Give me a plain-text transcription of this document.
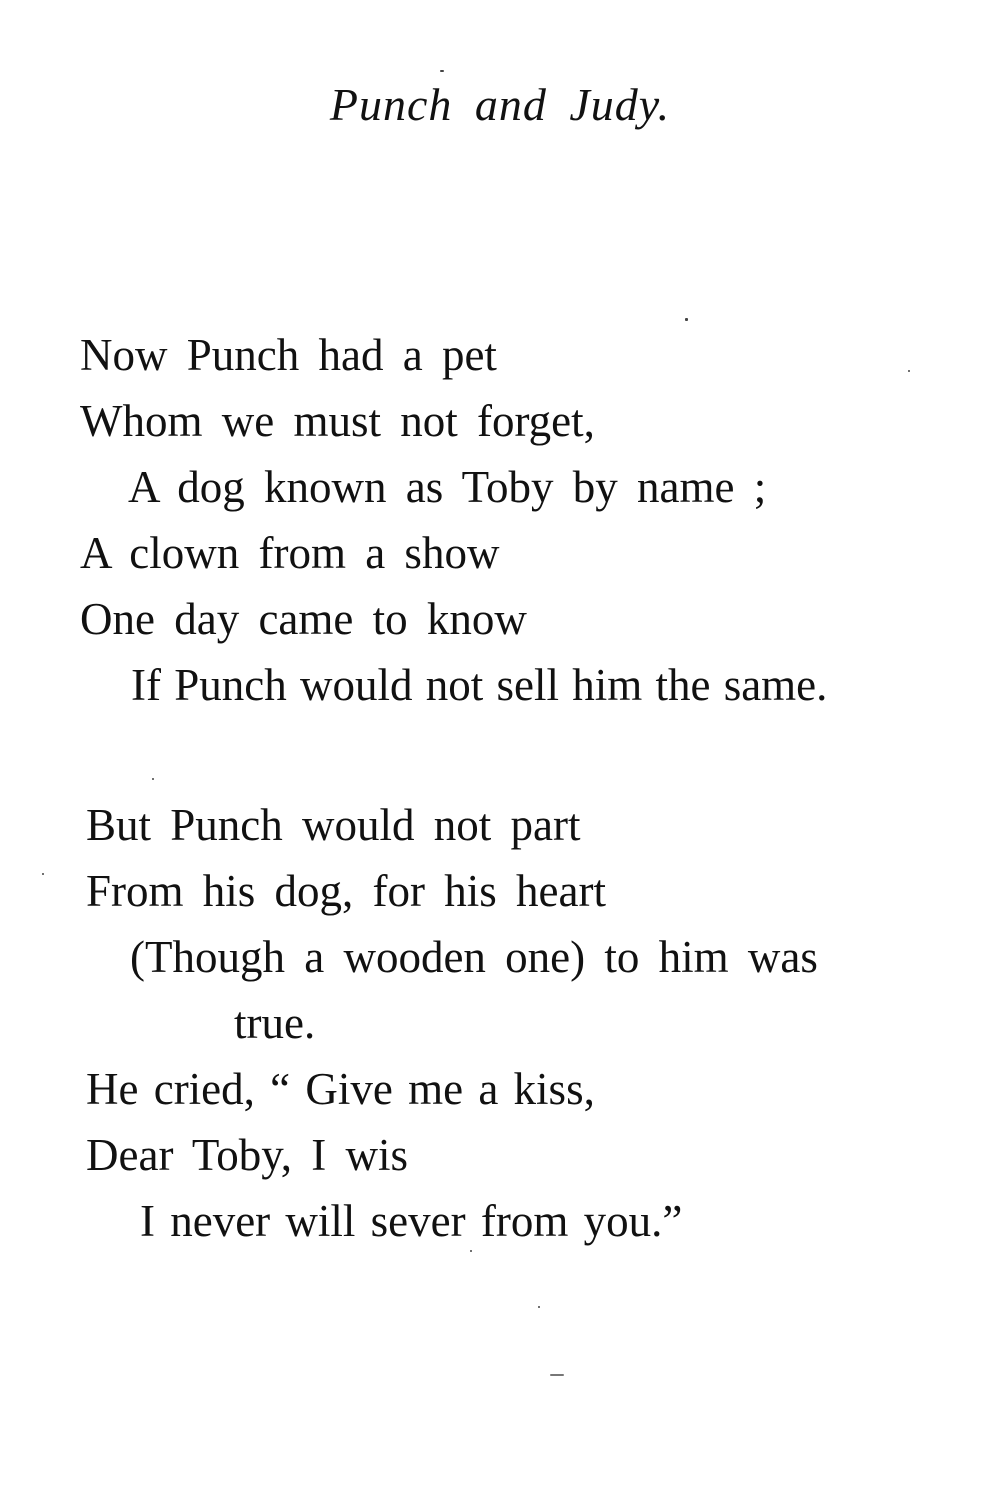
Punch and Judy.
Now Punch had a pet
Whom we must not forget,
A dog known as Toby by name ;
A clown from a show
One day came to know
If Punch would not sell him the same.
But Punch would not part
From his dog, for his heart
(Though a wooden one) to him was
true.
He cried, “ Give me a kiss,
Dear Toby, I wis
I never will sever from you.”
